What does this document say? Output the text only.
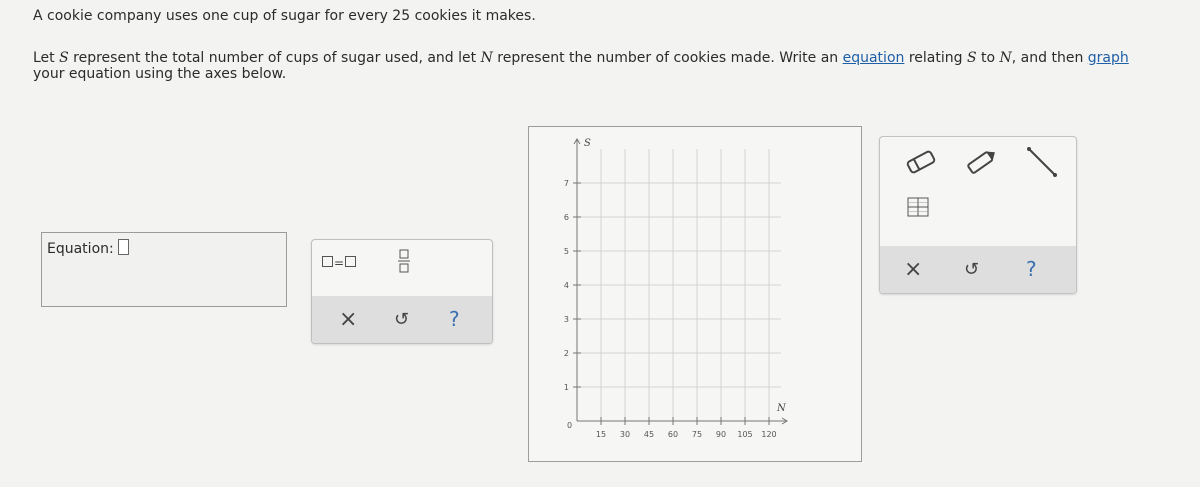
A cookie company uses one cup of sugar for every 25 cookies it makes.
Let S represent the total number of cups of sugar used, and let N represent the number of cookies made. Write an equation relating S to N, and then graph
your equation using the axes below.
Equation:
=
× ↺ ?
15 30 45 60 75 90 105 120
1
2
3
4
5
6
7
0
S
N
× ↺ ?
